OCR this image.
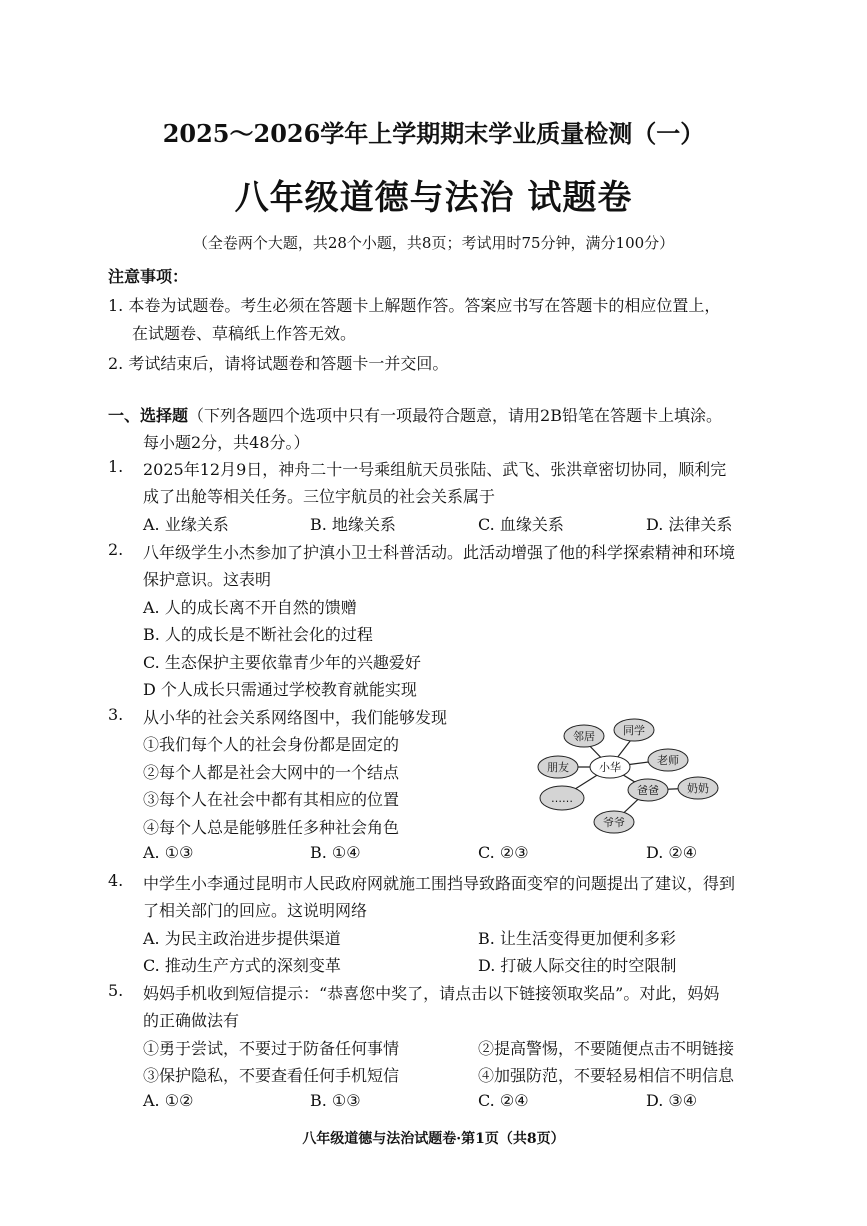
2025～2026学年上学期期末学业质量检测（一）
八年级道德与法治 试题卷
（全卷两个大题，共28个小题，共8页；考试用时75分钟，满分100分）
注意事项：
1. 本卷为试题卷。考生必须在答题卡上解题作答。答案应书写在答题卡的相应位置上，
在试题卷、草稿纸上作答无效。
2. 考试结束后，请将试题卷和答题卡一并交回。
一、选择题（下列各题四个选项中只有一项最符合题意，请用2B铅笔在答题卡上填涂。
每小题2分，共48分。）
1. 2025年12月9日，神舟二十一号乘组航天员张陆、武飞、张洪章密切协同，顺利完
成了出舱等相关任务。三位宇航员的社会关系属于
A. 业缘关系	B. 地缘关系	C. 血缘关系	D. 法律关系
2. 八年级学生小杰参加了护滇小卫士科普活动。此活动增强了他的科学探索精神和环境
保护意识。这表明
A. 人的成长离不开自然的馈赠
B. 人的成长是不断社会化的过程
C. 生态保护主要依靠青少年的兴趣爱好
D 个人成长只需通过学校教育就能实现
3. 从小华的社会关系网络图中，我们能够发现
①我们每个人的社会身份都是固定的
②每个人都是社会大网中的一个结点
③每个人在社会中都有其相应的位置
④每个人总是能够胜任多种社会角色
A. ①③	B. ①④	C. ②③	D. ②④
邻居	同学
老师
朋友	小华
……
爸爸	奶奶
爷爷
4. 中学生小李通过昆明市人民政府网就施工围挡导致路面变窄的问题提出了建议，得到
了相关部门的回应。这说明网络
A. 为民主政治进步提供渠道	B. 让生活变得更加便利多彩
C. 推动生产方式的深刻变革	D. 打破人际交往的时空限制
5. 妈妈手机收到短信提示：“恭喜您中奖了，请点击以下链接领取奖品”。对此，妈妈
的正确做法有
①勇于尝试，不要过于防备任何事情	②提高警惕，不要随便点击不明链接
③保护隐私，不要查看任何手机短信	④加强防范，不要轻易相信不明信息
A. ①②	B. ①③	C. ②④	D. ③④
八年级道德与法治试题卷·第1页（共8页）
